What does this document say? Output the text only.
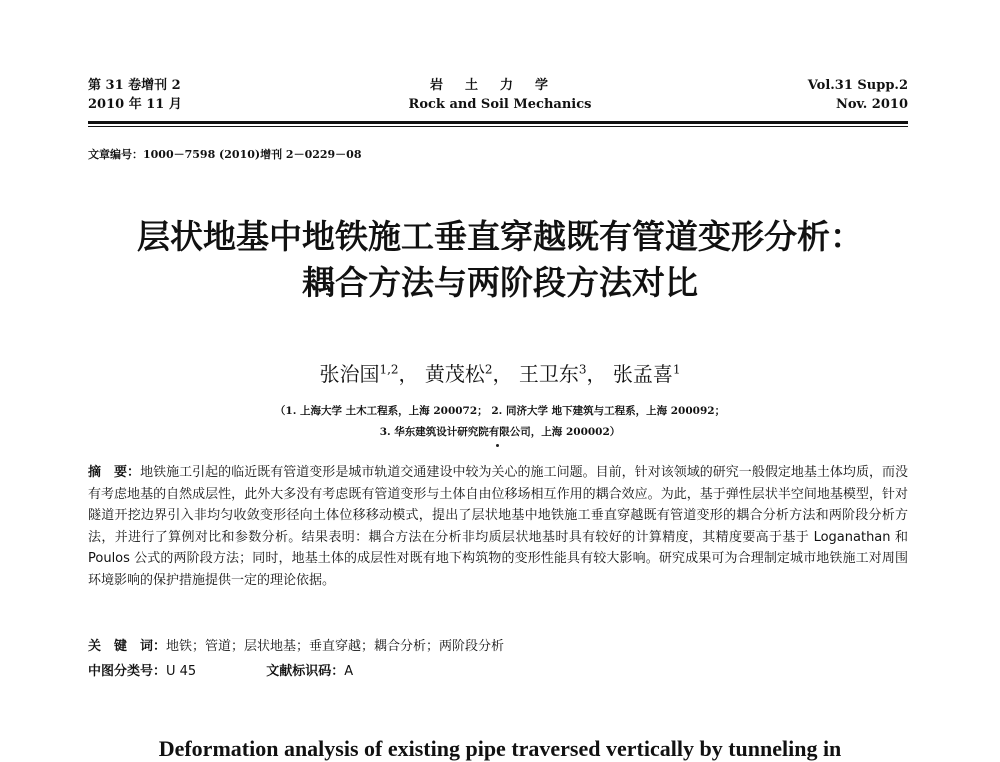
第 31 卷增刊 2
2010 年 11 月
岩土力学
Rock and Soil Mechanics
Vol.31 Supp.2
Nov. 2010
文章编号：1000－7598 (2010)增刊 2－0229－08
层状地基中地铁施工垂直穿越既有管道变形分析：
耦合方法与两阶段方法对比
张治国$^{1,2}$， 黄茂松$^2$， 王卫东$^3$， 张孟喜$^1$
（1. 上海大学 土木工程系，上海 200072； 2. 同济大学 地下建筑与工程系，上海 200092；
3. 华东建筑设计研究院有限公司，上海 200002）
摘　要：地铁施工引起的临近既有管道变形是城市轨道交通建设中较为关心的施工问题。目前，针对该领域的研究一般假定地基土体均质，而没有考虑地基的自然成层性，此外大多没有考虑既有管道变形与土体自由位移场相互作用的耦合效应。为此，基于弹性层状半空间地基模型，针对隧道开挖边界引入非均匀收敛变形径向土体位移移动模式，提出了层状地基中地铁施工垂直穿越既有管道变形的耦合分析方法和两阶段分析方法，并进行了算例对比和参数分析。结果表明：耦合方法在分析非均质层状地基时具有较好的计算精度，其精度要高于基于 Loganathan 和 Poulos 公式的两阶段方法；同时，地基土体的成层性对既有地下构筑物的变形性能具有较大影响。研究成果可为合理制定城市地铁施工对周围环境影响的保护措施提供一定的理论依据。
关　键　词：地铁；管道；层状地基；垂直穿越；耦合分析；两阶段分析
中图分类号：U 45	文献标识码：A
Deformation analysis of existing pipe traversed vertically by tunneling in
